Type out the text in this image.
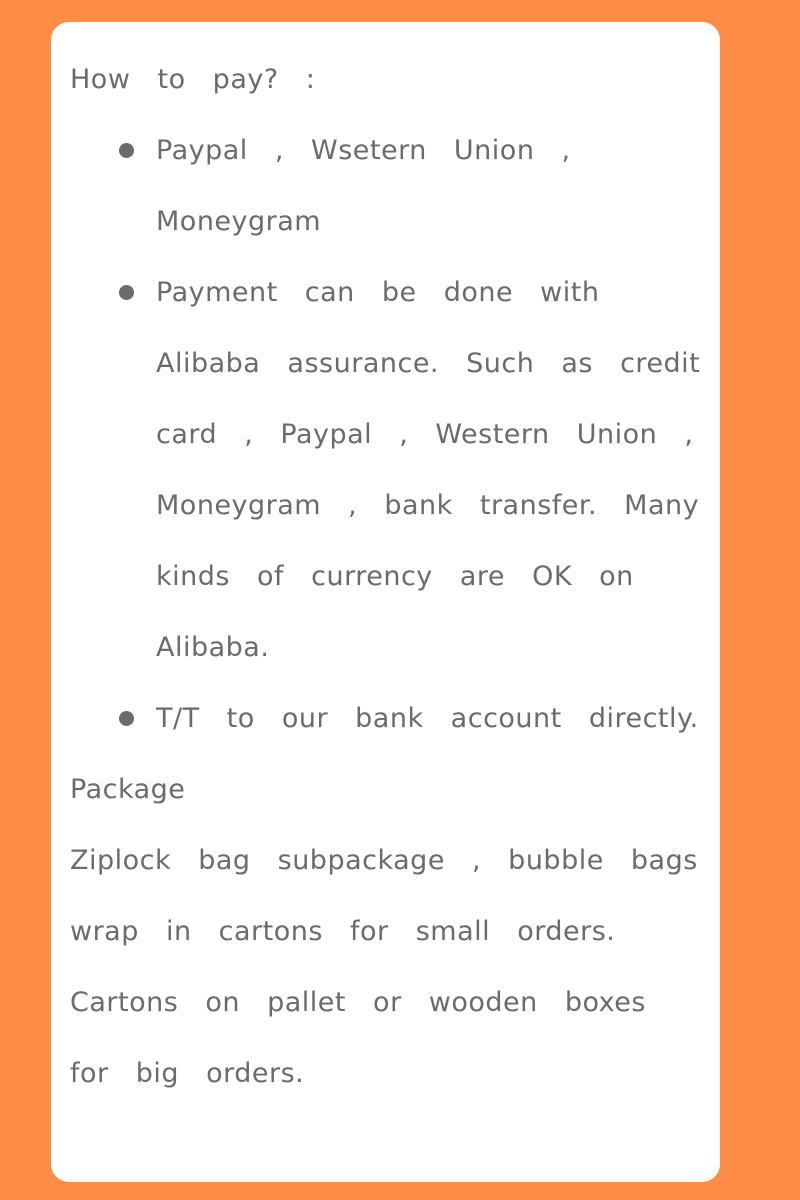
How to pay? :

Paypal , Wsetern Union , Moneygram
Payment can be done with Alibaba assurance. Such as credit card , Paypal , Western Union , Moneygram , bank transfer. Many kinds of currency are OK on Alibaba.
T/T to our bank account directly.

Package

Ziplock bag subpackage , bubble bags wrap in cartons for small orders. Cartons on pallet or wooden boxes for big orders.
